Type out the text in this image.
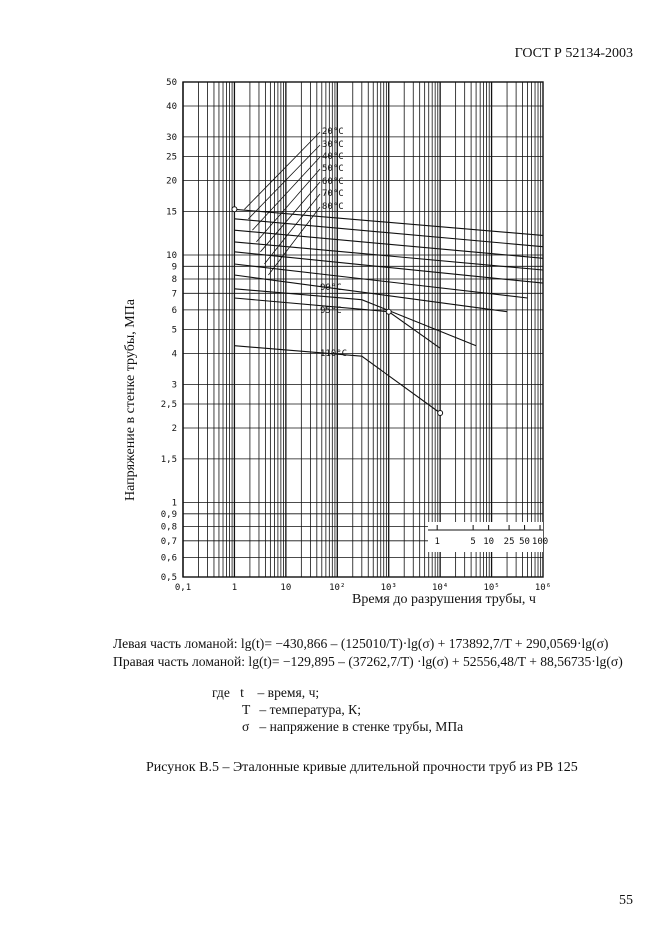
ГОСТ Р 52134-2003
50
40
30
25
20
15
10
9
8
7
6
5
4
3
2,5
2
1,5
1
0,9
0,8
0,7
0,6
0,5
0,1	1	10	10²	10³	10⁴	10⁵	10⁶
20°C
30°C
40°C
50°C
60°C
70°C
80°C
90°C
95°C
110°C
1	5 10 25 50 100
Напряжение в стенке трубы, МПа
Время до разрушения трубы, ч
Левая часть ломаной: lg(t)= −430,866 – (125010/T)·lg(σ) + 173892,7/T + 290,0569·lg(σ)
Правая часть ломаной: lg(t)= −129,895 – (37262,7/T) ·lg(σ) + 52556,48/T + 88,56735·lg(σ)
где t – время, ч;
T – температура, К;
σ – напряжение в стенке трубы, МПа
Рисунок В.5 – Эталонные кривые длительной прочности труб из РВ 125
55
